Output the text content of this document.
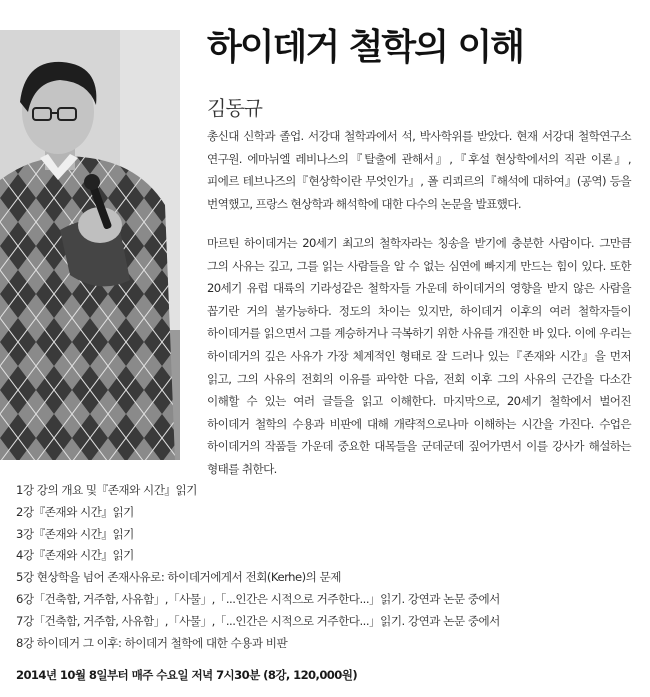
하이데거 철학의 이해
김동규

총신대 신학과 졸업. 서강대 철학과에서 석, 박사학위를 받았다. 현재 서강대 철학연구소 연구원. 에마뉘엘 레비나스의『탈출에 관해서』,『후설 현상학에서의 직관 이론』, 피에르 테브나즈의『현상학이란 무엇인가』, 폴 리쾨르의『해석에 대하여』(공역) 등을 번역했고, 프랑스 현상학과 해석학에 대한 다수의 논문을 발표했다.

마르틴 하이데거는 20세기 최고의 철학자라는 칭송을 받기에 충분한 사람이다. 그만큼 그의 사유는 깊고, 그를 읽는 사람들을 알 수 없는 심연에 빠지게 만드는 힘이 있다. 또한 20세기 유럽 대륙의 기라성같은 철학자들 가운데 하이데거의 영향을 받지 않은 사람을 꼽기란 거의 불가능하다. 정도의 차이는 있지만, 하이데거 이후의 여러 철학자들이 하이데거를 읽으면서 그를 계승하거나 극복하기 위한 사유를 개진한 바 있다. 이에 우리는 하이데거의 깊은 사유가 가장 체계적인 형태로 잘 드러나 있는『존재와 시간』을 먼저 읽고, 그의 사유의 전회의 이유를 파악한 다음, 전회 이후 그의 사유의 근간을 다소간 이해할 수 있는 여러 글들을 읽고 이해한다. 마지막으로, 20세기 철학에서 벌어진 하이데거 철학의 수용과 비판에 대해 개략적으로나마 이해하는 시간을 가진다. 수업은 하이데거의 작품들 가운데 중요한 대목들을 군데군데 짚어가면서 이를 강사가 해설하는 형태를 취한다.

1강 강의 개요 및『존재와 시간』읽기
2강『존재와 시간』읽기
3강『존재와 시간』읽기
4강『존재와 시간』읽기
5강 현상학을 넘어 존재사유로: 하이데거에게서 전회(Kerhe)의 문제
6강「건축함, 거주함, 사유함」,「사물」,「...인간은 시적으로 거주한다...」읽기. 강연과 논문 중에서
7강「건축함, 거주함, 사유함」,「사물」,「...인간은 시적으로 거주한다...」읽기. 강연과 논문 중에서
8강 하이데거 그 이후: 하이데거 철학에 대한 수용과 비판
2014년 10월 8일부터 매주 수요일 저녁 7시30분 (8강, 120,000원)
